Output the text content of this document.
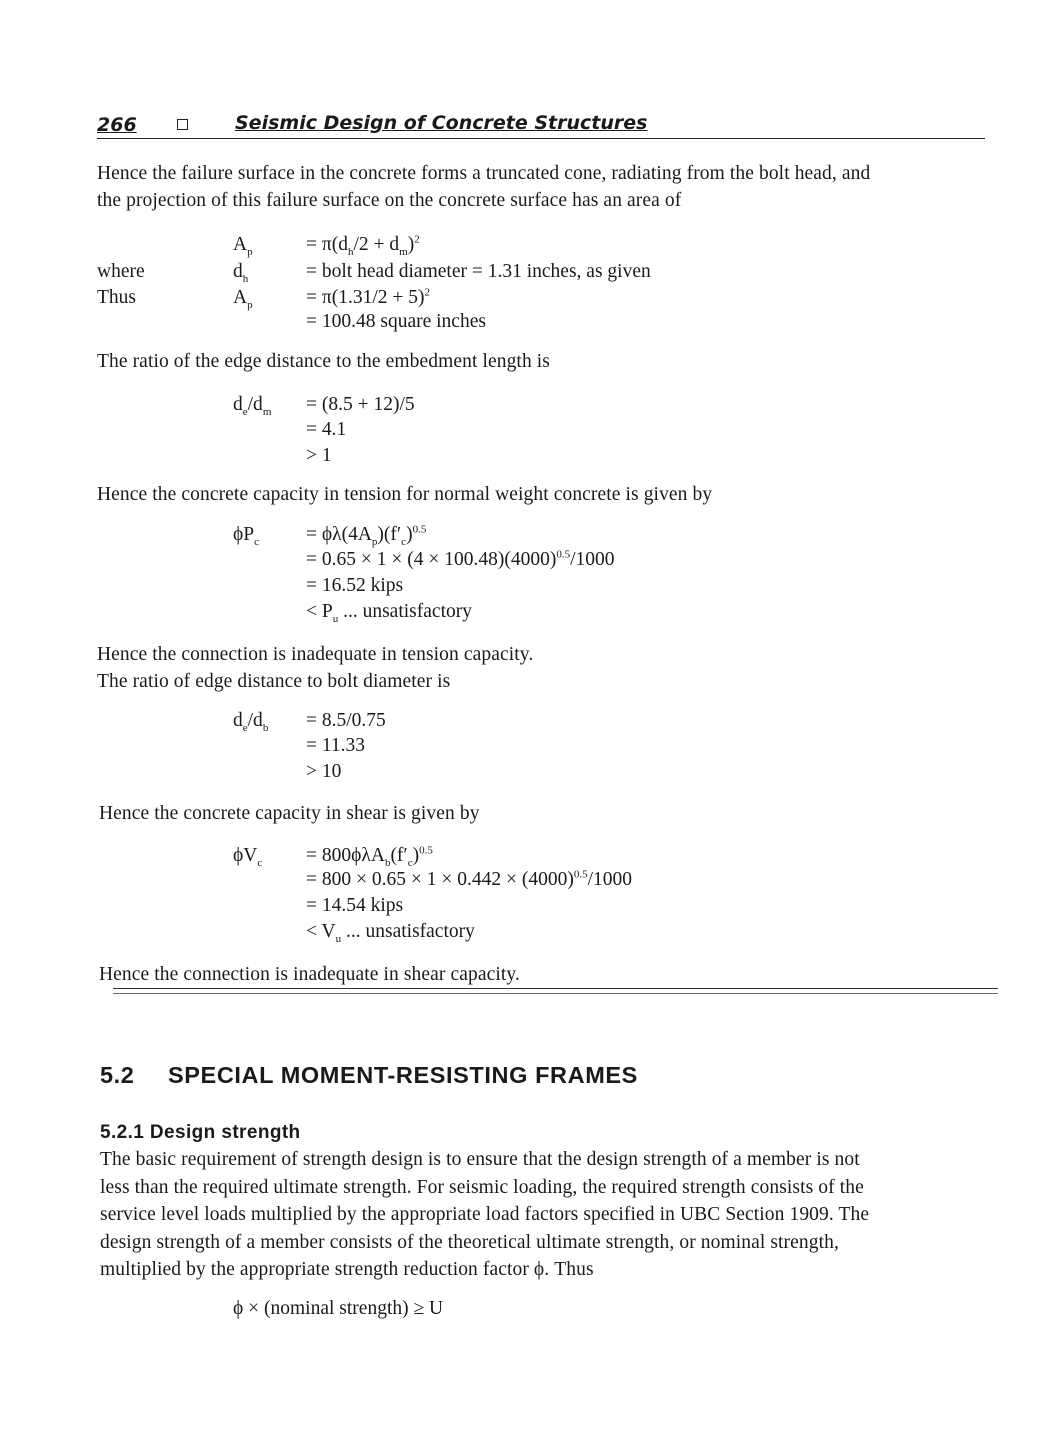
266	Seismic Design of Concrete Structures

Hence the failure surface in the concrete forms a truncated cone, radiating from the bolt head, and
the projection of this failure surface on the concrete surface has an area of

$A_p$	= $\pi(d_h/2 + d_m)^2$
where	$d_h$	= bolt head diameter = 1.31 inches, as given
Thus	$A_p$	= $\pi(1.31/2 + 5)^2$
= 100.48 square inches

The ratio of the edge distance to the embedment length is

$d_e/d_m = (8.5 + 12)/5$
= 4.1
> 1

Hence the concrete capacity in tension for normal weight concrete is given by

$\phi P_c = \phi\lambda(4A_p)(f'_c)^{0.5}$
= $0.65 \times 1 \times (4 \times 100.48)(4000)^{0.5}/1000$
= 16.52 kips
< $P_u$ ... unsatisfactory

Hence the connection is inadequate in tension capacity.
The ratio of edge distance to bolt diameter is

$d_e/d_b = 8.5/0.75$
= 11.33
> 10

Hence the concrete capacity in shear is given by

$\phi V_c = 800\phi\lambda A_b(f'_c)^{0.5}$
= $800 \times 0.65 \times 1 \times 0.442 \times (4000)^{0.5}/1000$
= 14.54 kips
< $V_u$ ... unsatisfactory

Hence the connection is inadequate in shear capacity.

5.2 SPECIAL MOMENT-RESISTING FRAMES
5.2.1 Design strength

The basic requirement of strength design is to ensure that the design strength of a member is not
less than the required ultimate strength. For seismic loading, the required strength consists of the
service level loads multiplied by the appropriate load factors specified in UBC Section 1909. The
design strength of a member consists of the theoretical ultimate strength, or nominal strength,
multiplied by the appropriate strength reduction factor ϕ. Thus

ϕ × (nominal strength) ≥ U
